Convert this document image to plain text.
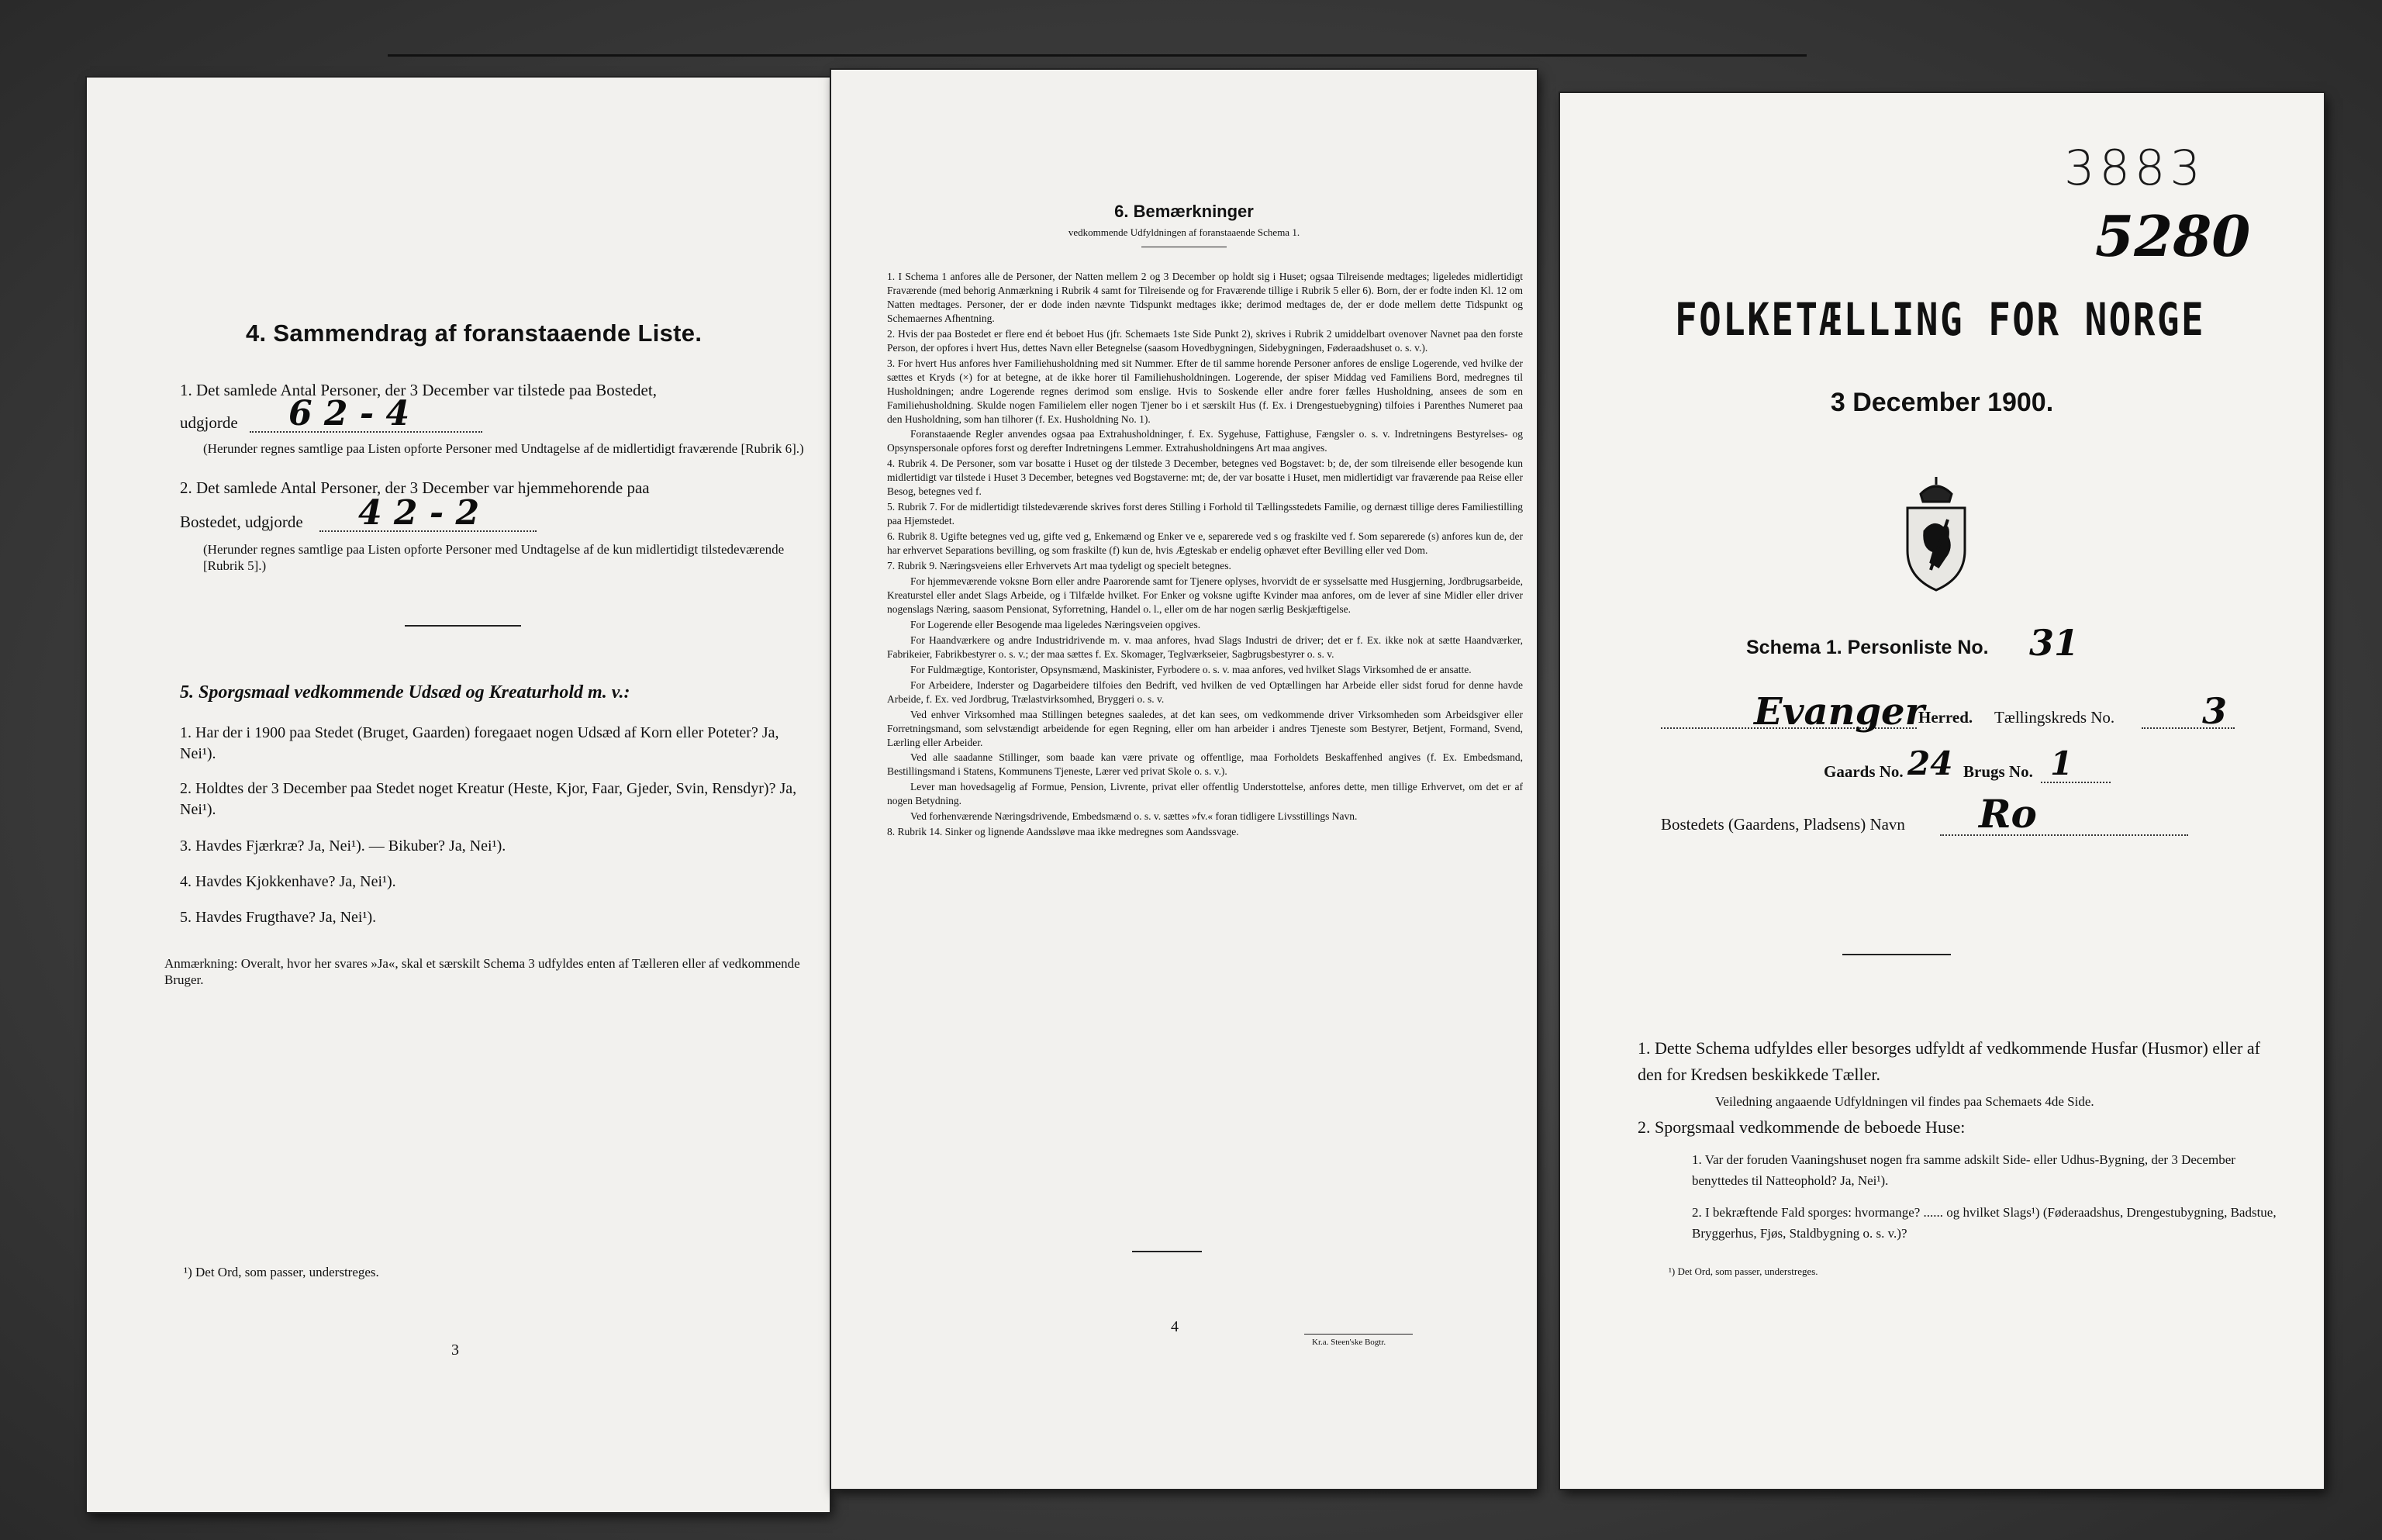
4. Sammendrag af foranstaaende Liste.
1. Det samlede Antal Personer, der 3 December var tilstede paa Bostedet,
udgjorde 6 2 - 4
(Herunder regnes samtlige paa Listen opforte Personer med Undtagelse af de midlertidigt fraværende [Rubrik 6].)
2. Det samlede Antal Personer, der 3 December var hjemmehorende paa
Bostedet, udgjorde 4 2 - 2
(Herunder regnes samtlige paa Listen opforte Personer med Undtagelse af de kun midlertidigt tilstedeværende [Rubrik 5].)
5. Sporgsmaal vedkommende Udsæd og Kreaturhold m. v.:
1. Har der i 1900 paa Stedet (Bruget, Gaarden) foregaaet nogen Udsæd af Korn eller Poteter? Ja, Nei¹).
2. Holdtes der 3 December paa Stedet noget Kreatur (Heste, Kjor, Faar, Gjeder, Svin, Rensdyr)? Ja, Nei¹).
3. Havdes Fjærkræ? Ja, Nei¹). — Bikuber? Ja, Nei¹).
4. Havdes Kjokkenhave? Ja, Nei¹).
5. Havdes Frugthave? Ja, Nei¹).
Anmærkning: Overalt, hvor her svares »Ja«, skal et særskilt Schema 3 udfyldes enten af Tælleren eller af vedkommende Bruger.
¹) Det Ord, som passer, understreges.
3
6. Bemærkninger
vedkommende Udfyldningen af foranstaaende Schema 1.

1. I Schema 1 anfores alle de Personer, der Natten mellem 2 og 3 December op holdt sig i Huset; ogsaa Tilreisende medtages; ligeledes midlertidigt Fraværende (med behorig Anmærkning i Rubrik 4 samt for Tilreisende og for Fraværende tillige i Rubrik 5 eller 6). Born, der er fodte inden Kl. 12 om Natten medtages. Personer, der er dode inden nævnte Tidspunkt medtages ikke; derimod medtages de, der er dode mellem dette Tidspunkt og Schemaernes Afhentning.

2. Hvis der paa Bostedet er flere end ét beboet Hus (jfr. Schemaets 1ste Side Punkt 2), skrives i Rubrik 2 umiddelbart ovenover Navnet paa den forste Person, der opfores i hvert Hus, dettes Navn eller Betegnelse (saasom Hovedbygningen, Sidebygningen, Føderaadshuset o. s. v.).

3. For hvert Hus anfores hver Familiehusholdning med sit Nummer. Efter de til samme horende Personer anfores de enslige Logerende, ved hvilke der sættes et Kryds (×) for at betegne, at de ikke horer til Familiehusholdningen. Logerende, der spiser Middag ved Familiens Bord, medregnes til Husholdningen; andre Logerende regnes derimod som enslige. Hvis to Soskende eller andre forer fælles Husholdning, ansees de som en Familiehusholdning. Skulde nogen Familielem eller nogen Tjener bo i et særskilt Hus (f. Ex. i Drengestuebygning) tilfoies i Parenthes Numeret paa den Husholdning, som han tilhorer (f. Ex. Husholdning No. 1).

Foranstaaende Regler anvendes ogsaa paa Extrahusholdninger, f. Ex. Sygehuse, Fattighuse, Fængsler o. s. v. Indretningens Bestyrelses- og Opsynspersonale opfores forst og derefter Indretningens Lemmer. Extrahusholdningens Art maa angives.

4. Rubrik 4. De Personer, som var bosatte i Huset og der tilstede 3 December, betegnes ved Bogstavet: b; de, der som tilreisende eller besogende kun midlertidigt var tilstede i Huset 3 December, betegnes ved Bogstaverne: mt; de, der var bosatte i Huset, men midlertidigt var fraværende paa Reise eller Besog, betegnes ved f.

5. Rubrik 7. For de midlertidigt tilstedeværende skrives forst deres Stilling i Forhold til Tællingsstedets Familie, og dernæst tillige deres Familiestilling paa Hjemstedet.

6. Rubrik 8. Ugifte betegnes ved ug, gifte ved g, Enkemænd og Enker ve e, separerede ved s og fraskilte ved f. Som separerede (s) anfores kun de, der har erhvervet Separations bevilling, og som fraskilte (f) kun de, hvis Ægteskab er endelig ophævet efter Bevilling eller ved Dom.

7. Rubrik 9. Næringsveiens eller Erhvervets Art maa tydeligt og specielt betegnes.

For hjemmeværende voksne Born eller andre Paarorende samt for Tjenere oplyses, hvorvidt de er sysselsatte med Husgjerning, Jordbrugsarbeide, Kreaturstel eller andet Slags Arbeide, og i Tilfælde hvilket. For Enker og voksne ugifte Kvinder maa anfores, om de lever af sine Midler eller driver nogenslags Næring, saasom Pensionat, Syforretning, Handel o. l., eller om de har nogen særlig Beskjæftigelse.

For Logerende eller Besogende maa ligeledes Næringsveien opgives.

For Haandværkere og andre Industridrivende m. v. maa anfores, hvad Slags Industri de driver; det er f. Ex. ikke nok at sætte Haandværker, Fabrikeier, Fabrikbestyrer o. s. v.; der maa sættes f. Ex. Skomager, Teglværkseier, Sagbrugsbestyrer o. s. v.

For Fuldmægtige, Kontorister, Opsynsmænd, Maskinister, Fyrbodere o. s. v. maa anfores, ved hvilket Slags Virksomhed de er ansatte.

For Arbeidere, Inderster og Dagarbeidere tilfoies den Bedrift, ved hvilken de ved Optællingen har Arbeide eller sidst forud for denne havde Arbeide, f. Ex. ved Jordbrug, Trælastvirksomhed, Bryggeri o. s. v.

Ved enhver Virksomhed maa Stillingen betegnes saaledes, at det kan sees, om vedkommende driver Virksomheden som Arbeidsgiver eller Forretningsmand, som selvstændigt arbeidende for egen Regning, eller om han arbeider i andres Tjeneste som Bestyrer, Betjent, Formand, Svend, Lærling eller Arbeider.

Ved alle saadanne Stillinger, som baade kan være private og offentlige, maa Forholdets Beskaffenhed angives (f. Ex. Embedsmand, Bestillingsmand i Statens, Kommunens Tjeneste, Lærer ved privat Skole o. s. v.).

Lever man hovedsagelig af Formue, Pension, Livrente, privat eller offentlig Understottelse, anfores dette, men tillige Erhvervet, om det er af nogen Betydning.

Ved forhenværende Næringsdrivende, Embedsmænd o. s. v. sættes »fv.« foran tidligere Livsstillings Navn.

8. Rubrik 14. Sinker og lignende Aandssløve maa ikke medregnes som Aandssvage.

4
Kr.a. Steen'ske Bogtr.
3883
5280
FOLKETÆLLING FOR NORGE
3 December 1900.
Schema 1. Personliste No. 31
Evanger
Herred. Tællingskreds No. 3
Gaards No. 24 Brugs No. 1
Bostedets (Gaardens, Pladsens) Navn Ro
1. Dette Schema udfyldes eller besorges udfyldt af vedkommende Husfar (Husmor) eller af den for Kredsen beskikkede Tæller.
Veiledning angaaende Udfyldningen vil findes paa Schemaets 4de Side.
2. Sporgsmaal vedkommende de beboede Huse:
1. Var der foruden Vaaningshuset nogen fra samme adskilt Side- eller Udhus-Bygning, der 3 December benyttedes til Natteophold? Ja, Nei¹).
2. I bekræftende Fald sporges: hvormange? ...... og hvilket Slags¹) (Føderaadshus, Drengestubygning, Badstue, Bryggerhus, Fjøs, Staldbygning o. s. v.)?
¹) Det Ord, som passer, understreges.
